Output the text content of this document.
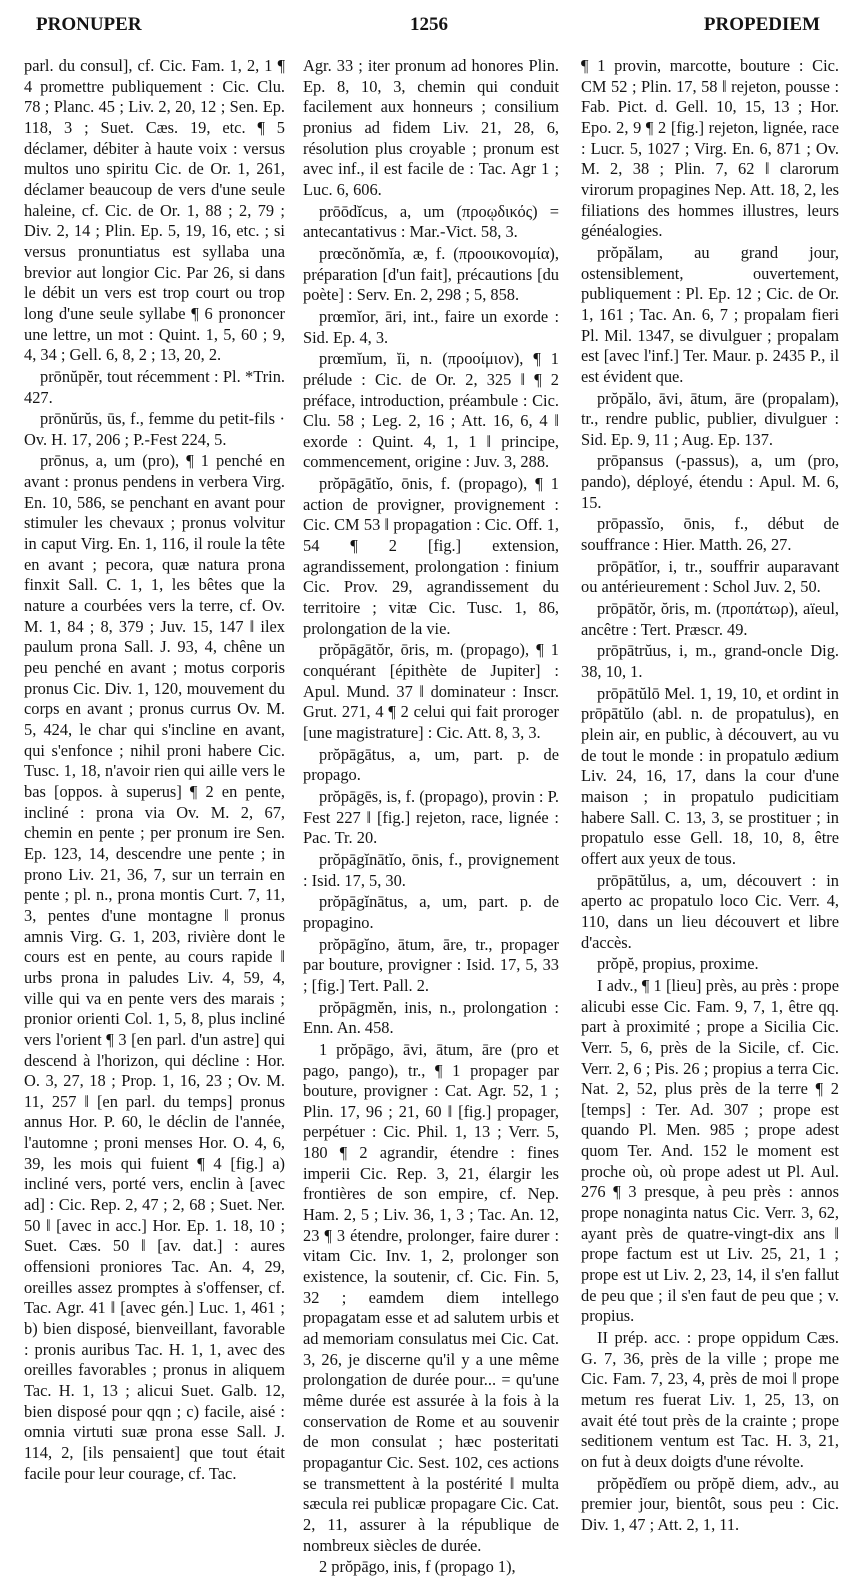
PRONUPER	1256	PROPEDIEM

parl. du consul], cf. Cic. Fam. 1, 2, 1 ¶ 4 promettre publiquement : Cic. Clu. 78 ; Planc. 45 ; Liv. 2, 20, 12 ; Sen. Ep. 118, 3 ; Suet. Cæs. 19, etc. ¶ 5 déclamer, débiter à haute voix : versus multos uno spiritu Cic. de Or. 1, 261, déclamer beaucoup de vers d'une seule haleine, cf. Cic. de Or. 1, 88 ; 2, 79 ; Div. 2, 14 ; Plin. Ep. 5, 19, 16, etc. ; si versus pronuntiatus est syllaba una brevior aut longior Cic. Par 26, si dans le débit un vers est trop court ou trop long d'une seule syllabe ¶ 6 prononcer une lettre, un mot : Quint. 1, 5, 60 ; 9, 4, 34 ; Gell. 6, 8, 2 ; 13, 20, 2.

prōnŭpĕr, tout récemment : Pl. *Trin. 427.

prōnŭrŭs, ūs, f., femme du petit-fils · Ov. H. 17, 206 ; P.-Fest 224, 5.

prōnus, a, um (pro), ¶ 1 penché en avant : pronus pendens in verbera Virg. En. 10, 586, se penchant en avant pour stimuler les chevaux ; pronus volvitur in caput Virg. En. 1, 116, il roule la tête en avant ; pecora, quæ natura prona finxit Sall. C. 1, 1, les bêtes que la nature a courbées vers la terre, cf. Ov. M. 1, 84 ; 8, 379 ; Juv. 15, 147 ‖ ilex paulum prona Sall. J. 93, 4, chêne un peu penché en avant ; motus corporis pronus Cic. Div. 1, 120, mouvement du corps en avant ; pronus currus Ov. M. 5, 424, le char qui s'incline en avant, qui s'enfonce ; nihil proni habere Cic. Tusc. 1, 18, n'avoir rien qui aille vers le bas [oppos. à superus] ¶ 2 en pente, incliné : prona via Ov. M. 2, 67, chemin en pente ; per pronum ire Sen. Ep. 123, 14, descendre une pente ; in prono Liv. 21, 36, 7, sur un terrain en pente ; pl. n., prona montis Curt. 7, 11, 3, pentes d'une montagne ‖ pronus amnis Virg. G. 1, 203, rivière dont le cours est en pente, au cours rapide ‖ urbs prona in paludes Liv. 4, 59, 4, ville qui va en pente vers des marais ; pronior orienti Col. 1, 5, 8, plus incliné vers l'orient ¶ 3 [en parl. d'un astre] qui descend à l'horizon, qui décline : Hor. O. 3, 27, 18 ; Prop. 1, 16, 23 ; Ov. M. 11, 257 ‖ [en parl. du temps] pronus annus Hor. P. 60, le déclin de l'année, l'automne ; proni menses Hor. O. 4, 6, 39, les mois qui fuient ¶ 4 [fig.] a) incliné vers, porté vers, enclin à [avec ad] : Cic. Rep. 2, 47 ; 2, 68 ; Suet. Ner. 50 ‖ [avec in acc.] Hor. Ep. 1. 18, 10 ; Suet. Cæs. 50 ‖ [av. dat.] : aures offensioni proniores Tac. An. 4, 29, oreilles assez promptes à s'offenser, cf. Tac. Agr. 41 ‖ [avec gén.] Luc. 1, 461 ; b) bien disposé, bienveillant, favorable : pronis auribus Tac. H. 1, 1, avec des oreilles favorables ; pronus in aliquem Tac. H. 1, 13 ; alicui Suet. Galb. 12, bien disposé pour qqn ; c) facile, aisé : omnia virtuti suæ prona esse Sall. J. 114, 2, [ils pensaient] que tout était facile pour leur courage, cf. Tac.

Agr. 33 ; iter pronum ad honores Plin. Ep. 8, 10, 3, chemin qui conduit facilement aux honneurs ; consilium pronius ad fidem Liv. 21, 28, 6, résolution plus croyable ; pronum est avec inf., il est facile de : Tac. Agr 1 ; Luc. 6, 606.

prōōdĭcus, a, um (προῳδικός) = antecantativus : Mar.-Vict. 58, 3.

prœcŏnŏmĭa, æ, f. (προοικονομία), préparation [d'un fait], précautions [du poète] : Serv. En. 2, 298 ; 5, 858.

prœmĭor, āri, int., faire un exorde : Sid. Ep. 4, 3.

prœmĭum, ĭi, n. (προοίμιον), ¶ 1 prélude : Cic. de Or. 2, 325 ‖ ¶ 2 préface, introduction, préambule : Cic. Clu. 58 ; Leg. 2, 16 ; Att. 16, 6, 4 ‖ exorde : Quint. 4, 1, 1 ‖ principe, commencement, origine : Juv. 3, 288.

prŏpāgātĭo, ōnis, f. (propago), ¶ 1 action de provigner, provignement : Cic. CM 53 ‖ propagation : Cic. Off. 1, 54 ¶ 2 [fig.] extension, agrandissement, prolongation : finium Cic. Prov. 29, agrandissement du territoire ; vitæ Cic. Tusc. 1, 86, prolongation de la vie.

prŏpāgātŏr, ōris, m. (propago), ¶ 1 conquérant [épithète de Jupiter] : Apul. Mund. 37 ‖ dominateur : Inscr. Grut. 271, 4 ¶ 2 celui qui fait proroger [une magistrature] : Cic. Att. 8, 3, 3.

prŏpāgātus, a, um, part. p. de propago.

prŏpāgēs, is, f. (propago), provin : P. Fest 227 ‖ [fig.] rejeton, race, lignée : Pac. Tr. 20.

prŏpāgĭnātĭo, ōnis, f., provignement : Isid. 17, 5, 30.

prŏpāgĭnātus, a, um, part. p. de propagino.

prŏpāgĭno, ātum, āre, tr., propager par bouture, provigner : Isid. 17, 5, 33 ; [fig.] Tert. Pall. 2.

prŏpāgmĕn, inis, n., prolongation : Enn. An. 458.

1 prŏpāgo, āvi, ātum, āre (pro et pago, pango), tr., ¶ 1 propager par bouture, provigner : Cat. Agr. 52, 1 ; Plin. 17, 96 ; 21, 60 ‖ [fig.] propager, perpétuer : Cic. Phil. 1, 13 ; Verr. 5, 180 ¶ 2 agrandir, étendre : fines imperii Cic. Rep. 3, 21, élargir les frontières de son empire, cf. Nep. Ham. 2, 5 ; Liv. 36, 1, 3 ; Tac. An. 12, 23 ¶ 3 étendre, prolonger, faire durer : vitam Cic. Inv. 1, 2, prolonger son existence, la soutenir, cf. Cic. Fin. 5, 32 ; eamdem diem intellego propagatam esse et ad salutem urbis et ad memoriam consulatus mei Cic. Cat. 3, 26, je discerne qu'il y a une même prolongation de durée pour... = qu'une même durée est assurée à la fois à la conservation de Rome et au souvenir de mon consulat ; hæc posteritati propagantur Cic. Sest. 102, ces actions se transmettent à la postérité ‖ multa sæcula rei publicæ propagare Cic. Cat. 2, 11, assurer à la république de nombreux siècles de durée.

2 prŏpāgo, inis, f (propago 1),

¶ 1 provin, marcotte, bouture : Cic. CM 52 ; Plin. 17, 58 ‖ rejeton, pousse : Fab. Pict. d. Gell. 10, 15, 13 ; Hor. Epo. 2, 9 ¶ 2 [fig.] rejeton, lignée, race : Lucr. 5, 1027 ; Virg. En. 6, 871 ; Ov. M. 2, 38 ; Plin. 7, 62 ‖ clarorum virorum propagines Nep. Att. 18, 2, les filiations des hommes illustres, leurs généalogies.

prŏpălam, au grand jour, ostensiblement, ouvertement, publiquement : Pl. Ep. 12 ; Cic. de Or. 1, 161 ; Tac. An. 6, 7 ; propalam fieri Pl. Mil. 1347, se divulguer ; propalam est [avec l'inf.] Ter. Maur. p. 2435 P., il est évident que.

prŏpălo, āvi, ātum, āre (propalam), tr., rendre public, publier, divulguer : Sid. Ep. 9, 11 ; Aug. Ep. 137.

prōpansus (-passus), a, um (pro, pando), déployé, étendu : Apul. M. 6, 15.

prōpassĭo, ōnis, f., début de souffrance : Hier. Matth. 26, 27.

prōpātĭor, i, tr., souffrir auparavant ou antérieurement : Schol Juv. 2, 50.

prōpātŏr, ŏris, m. (προπάτωρ), aïeul, ancêtre : Tert. Præscr. 49.

prōpātrŭus, i, m., grand-oncle Dig. 38, 10, 1.

prōpātŭlō Mel. 1, 19, 10, et ordint in prōpātŭlo (abl. n. de propatulus), en plein air, en public, à découvert, au vu de tout le monde : in propatulo ædium Liv. 24, 16, 17, dans la cour d'une maison ; in propatulo pudicitiam habere Sall. C. 13, 3, se prostituer ; in propatulo esse Gell. 18, 10, 8, être offert aux yeux de tous.

prōpātŭlus, a, um, découvert : in aperto ac propatulo loco Cic. Verr. 4, 110, dans un lieu découvert et libre d'accès.

prŏpĕ, propius, proxime.

I adv., ¶ 1 [lieu] près, au près : prope alicubi esse Cic. Fam. 9, 7, 1, être qq. part à proximité ; prope a Sicilia Cic. Verr. 5, 6, près de la Sicile, cf. Cic. Verr. 2, 6 ; Pis. 26 ; propius a terra Cic. Nat. 2, 52, plus près de la terre ¶ 2 [temps] : Ter. Ad. 307 ; prope est quando Pl. Men. 985 ; prope adest quom Ter. And. 152 le moment est proche où, où prope adest ut Pl. Aul. 276 ¶ 3 presque, à peu près : annos prope nonaginta natus Cic. Verr. 3, 62, ayant près de quatre-vingt-dix ans ‖ prope factum est ut Liv. 25, 21, 1 ; prope est ut Liv. 2, 23, 14, il s'en fallut de peu que ; il s'en faut de peu que ; v. propius.

II prép. acc. : prope oppidum Cæs. G. 7, 36, près de la ville ; prope me Cic. Fam. 7, 23, 4, près de moi ‖ prope metum res fuerat Liv. 1, 25, 13, on avait été tout près de la crainte ; prope seditionem ventum est Tac. H. 3, 21, on fut à deux doigts d'une révolte.

prŏpĕdĭem ou prŏpĕ diem, adv., au premier jour, bientôt, sous peu : Cic. Div. 1, 47 ; Att. 2, 1, 11.
